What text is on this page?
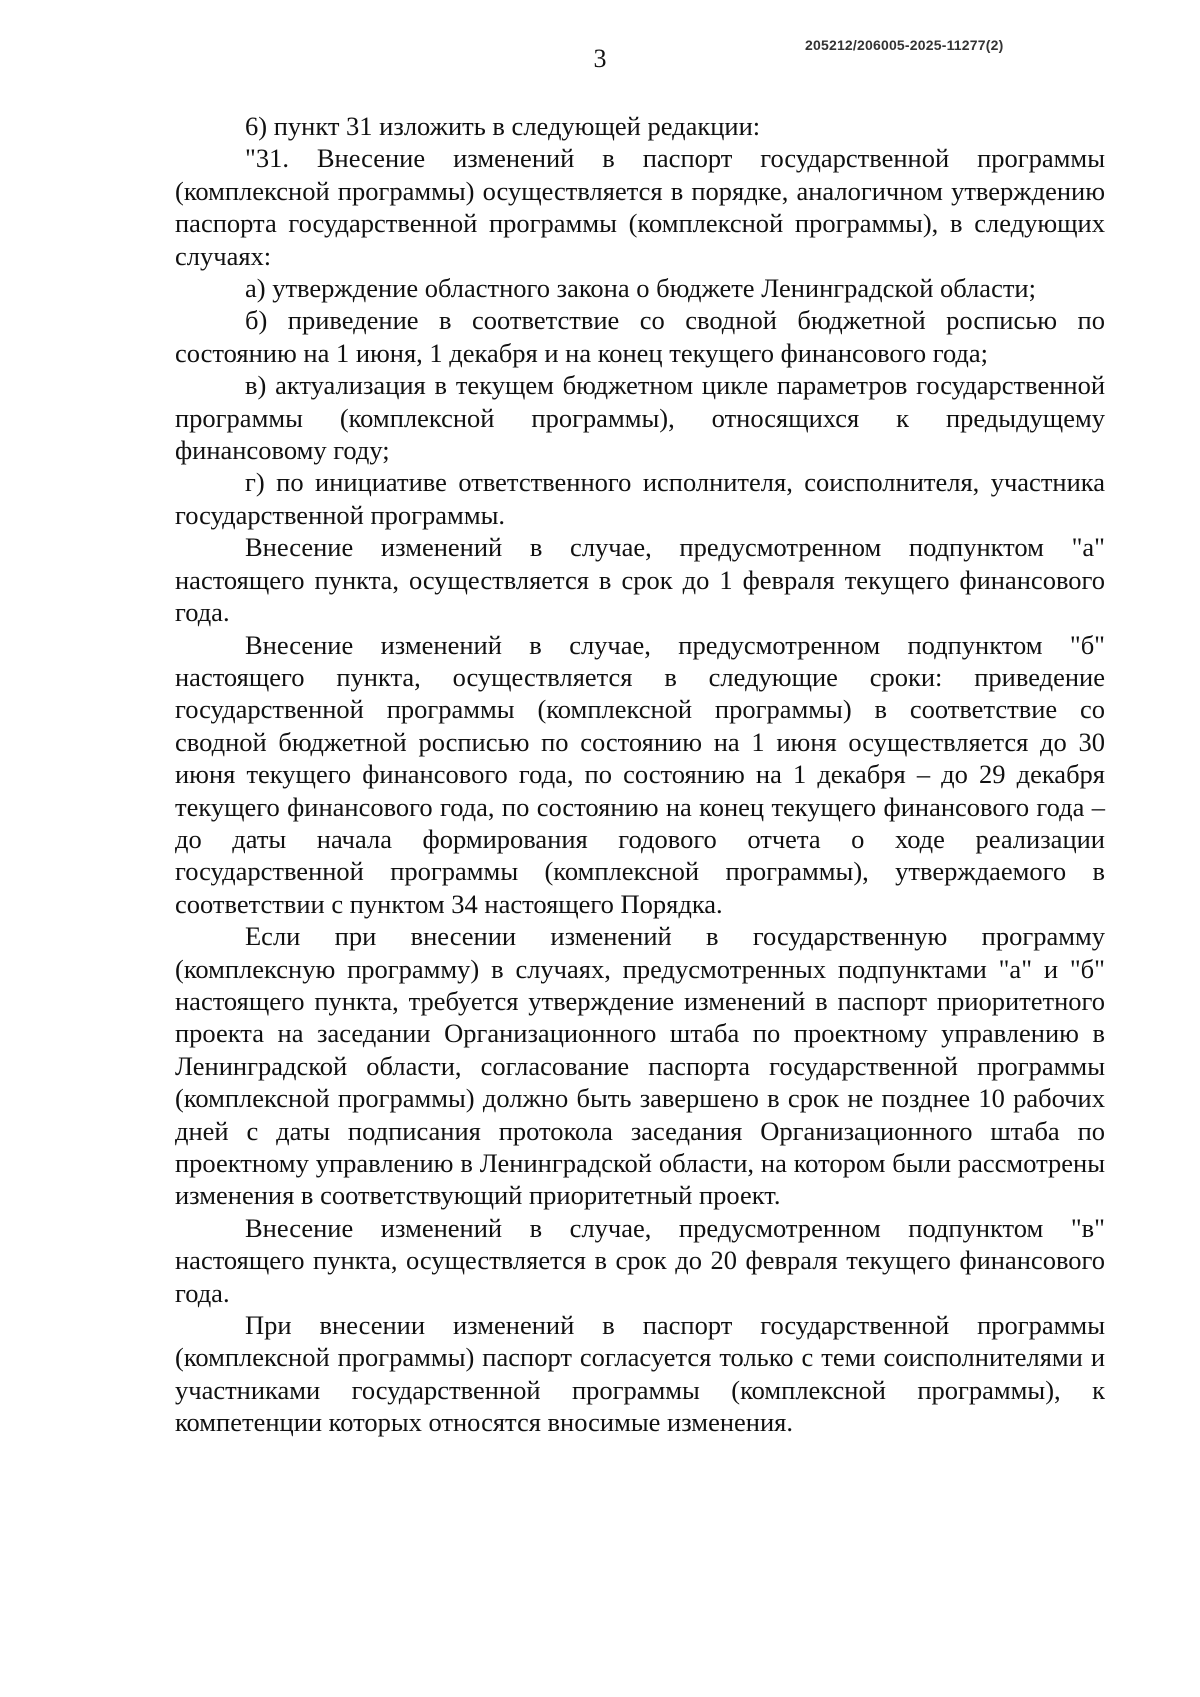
3	205212/206005-2025-11277(2)

6) пункт 31 изложить в следующей редакции:

"31. Внесение изменений в паспорт государственной программы (комплексной программы) осуществляется в порядке, аналогичном утверждению паспорта государственной программы (комплексной программы), в следующих случаях:

а) утверждение областного закона о бюджете Ленинградской области;

б) приведение в соответствие со сводной бюджетной росписью по состоянию на 1 июня, 1 декабря и на конец текущего финансового года;

в) актуализация в текущем бюджетном цикле параметров государственной программы (комплексной программы), относящихся к предыдущему финансовому году;

г) по инициативе ответственного исполнителя, соисполнителя, участника государственной программы.

Внесение изменений в случае, предусмотренном подпунктом "а" настоящего пункта, осуществляется в срок до 1 февраля текущего финансового года.

Внесение изменений в случае, предусмотренном подпунктом "б" настоящего пункта, осуществляется в следующие сроки: приведение государственной программы (комплексной программы) в соответствие со сводной бюджетной росписью по состоянию на 1 июня осуществляется до 30 июня текущего финансового года, по состоянию на 1 декабря – до 29 декабря текущего финансового года, по состоянию на конец текущего финансового года – до даты начала формирования годового отчета о ходе реализации государственной программы (комплексной программы), утверждаемого в соответствии с пунктом 34 настоящего Порядка.

Если при внесении изменений в государственную программу (комплексную программу) в случаях, предусмотренных подпунктами "а" и "б" настоящего пункта, требуется утверждение изменений в паспорт приоритетного проекта на заседании Организационного штаба по проектному управлению в Ленинградской области, согласование паспорта государственной программы (комплексной программы) должно быть завершено в срок не позднее 10 рабочих дней с даты подписания протокола заседания Организационного штаба по проектному управлению в Ленинградской области, на котором были рассмотрены изменения в соответствующий приоритетный проект.

Внесение изменений в случае, предусмотренном подпунктом "в" настоящего пункта, осуществляется в срок до 20 февраля текущего финансового года.

При внесении изменений в паспорт государственной программы (комплексной программы) паспорт согласуется только с теми соисполнителями и участниками государственной программы (комплексной программы), к компетенции которых относятся вносимые изменения.
